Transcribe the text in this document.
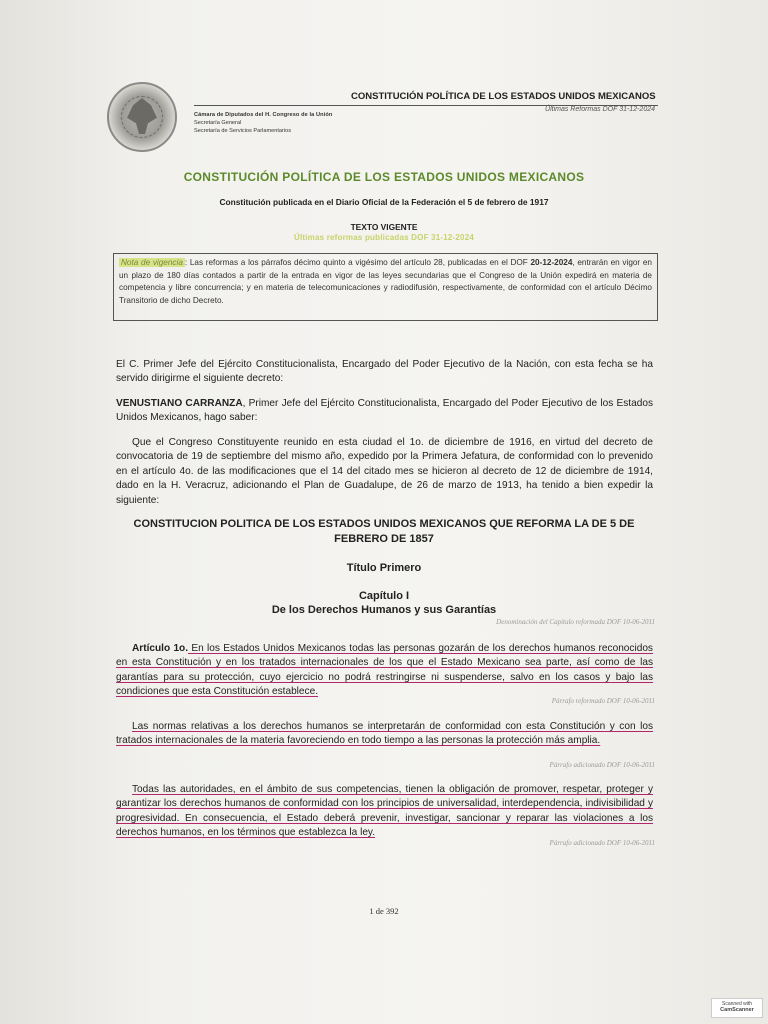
CONSTITUCIÓN POLÍTICA DE LOS ESTADOS UNIDOS MEXICANOS
Últimas Reformas DOF 31-12-2024
Cámara de Diputados del H. Congreso de la Unión
Secretaría General
Secretaría de Servicios Parlamentarios
CONSTITUCIÓN POLÍTICA DE LOS ESTADOS UNIDOS MEXICANOS
Constitución publicada en el Diario Oficial de la Federación el 5 de febrero de 1917
TEXTO VIGENTE
Últimas reformas publicadas DOF 31-12-2024
Nota de vigencia : Las reformas a los párrafos décimo quinto a vigésimo del artículo 28, publicadas en el DOF 20-12-2024, entrarán en vigor en un plazo de 180 días contados a partir de la entrada en vigor de las leyes secundarias que el Congreso de la Unión expedirá en materia de competencia y libre concurrencia; y en materia de telecomunicaciones y radiodifusión, respectivamente, de conformidad con el artículo Décimo Transitorio de dicho Decreto.

El C. Primer Jefe del Ejército Constitucionalista, Encargado del Poder Ejecutivo de la Nación, con esta fecha se ha servido dirigirme el siguiente decreto:

VENUSTIANO CARRANZA, Primer Jefe del Ejército Constitucionalista, Encargado del Poder Ejecutivo de los Estados Unidos Mexicanos, hago saber:

Que el Congreso Constituyente reunido en esta ciudad el 1o. de diciembre de 1916, en virtud del decreto de convocatoria de 19 de septiembre del mismo año, expedido por la Primera Jefatura, de conformidad con lo prevenido en el artículo 4o. de las modificaciones que el 14 del citado mes se hicieron al decreto de 12 de diciembre de 1914, dado en la H. Veracruz, adicionando el Plan de Guadalupe, de 26 de marzo de 1913, ha tenido a bien expedir la siguiente:

CONSTITUCION POLITICA DE LOS ESTADOS UNIDOS MEXICANOS QUE REFORMA LA DE 5 DE FEBRERO DE 1857
Título Primero
Capítulo I
De los Derechos Humanos y sus Garantías
Denominación del Capítulo reformada DOF 10-06-2011

Artículo 1o. En los Estados Unidos Mexicanos todas las personas gozarán de los derechos humanos reconocidos en esta Constitución y en los tratados internacionales de los que el Estado Mexicano sea parte, así como de las garantías para su protección, cuyo ejercicio no podrá restringirse ni suspenderse, salvo en los casos y bajo las condiciones que esta Constitución establece.

Párrafo reformado DOF 10-06-2011

Las normas relativas a los derechos humanos se interpretarán de conformidad con esta Constitución y con los tratados internacionales de la materia favoreciendo en todo tiempo a las personas la protección más amplia.

Párrafo adicionado DOF 10-06-2011

Todas las autoridades, en el ámbito de sus competencias, tienen la obligación de promover, respetar, proteger y garantizar los derechos humanos de conformidad con los principios de universalidad, interdependencia, indivisibilidad y progresividad. En consecuencia, el Estado deberá prevenir, investigar, sancionar y reparar las violaciones a los derechos humanos, en los términos que establezca la ley.

Párrafo adicionado DOF 10-06-2011
1 de 392
Scanned with
CamScanner
